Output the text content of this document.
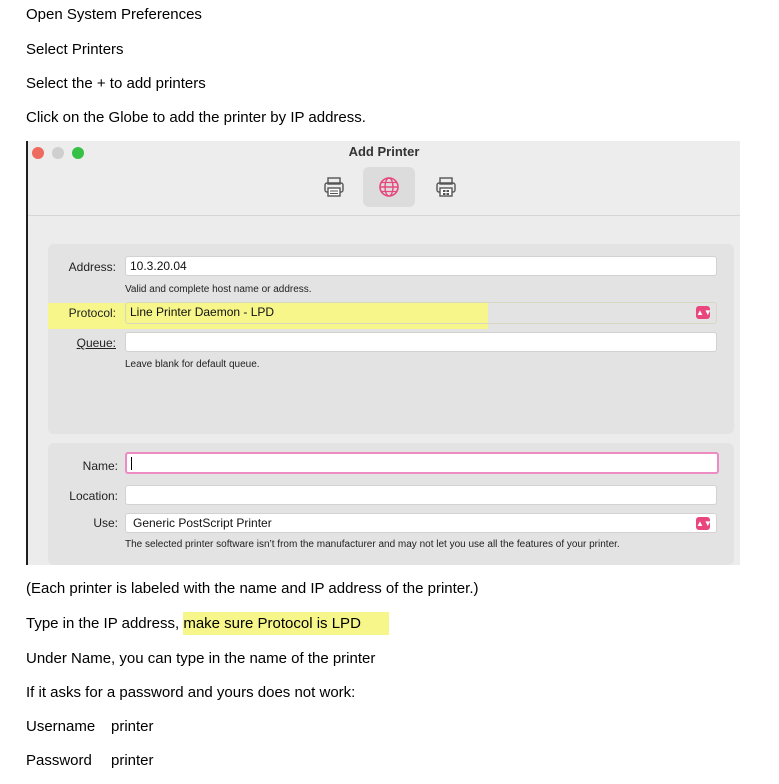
Open System Preferences
Select Printers
Select the + to add printers
Click on the Globe to add the printer by IP address.
Add Printer
Address:	10.3.20.04
Valid and complete host name or address.
Protocol:	Line Printer Daemon - LPD	▲▼
Queue:
Leave blank for default queue.
Name:
Location:
Use:	Generic PostScript Printer	▲▼
The selected printer software isn’t from the manufacturer and may not let you use all the features of your printer.
(Each printer is labeled with the name and IP address of the printer.)
Type in the IP address, make sure Protocol is LPD
Under Name, you can type in the name of the printer
If it asks for a password and yours does not work:
Username printer
Password printer
